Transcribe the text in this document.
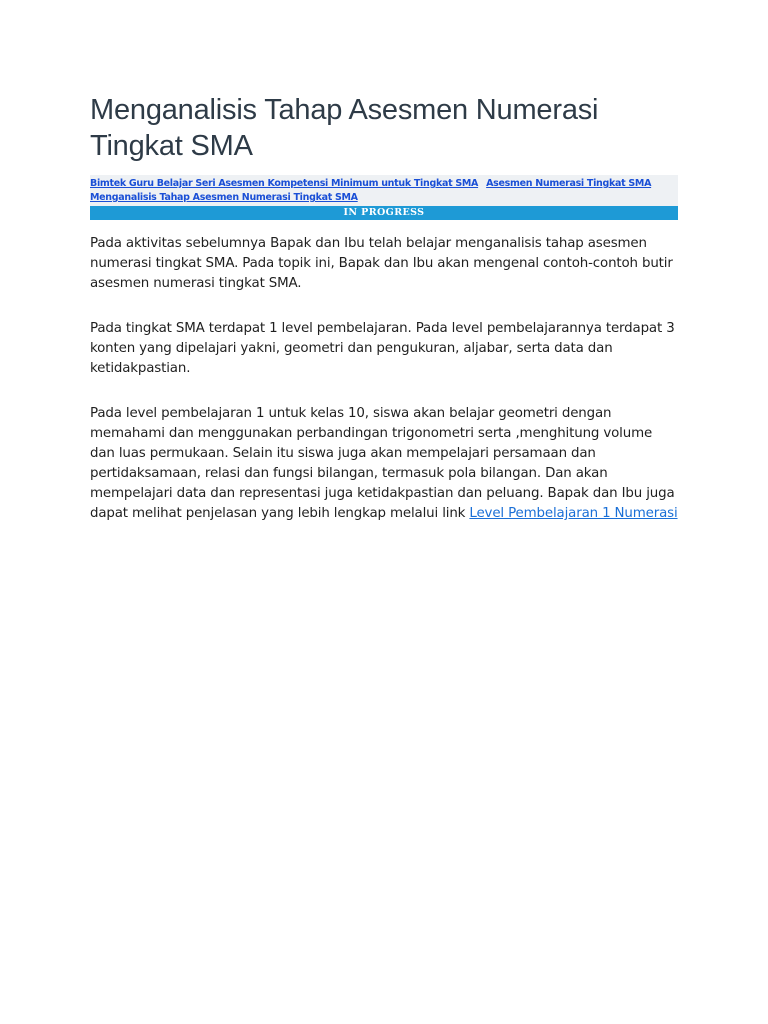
Menganalisis Tahap Asesmen Numerasi Tingkat SMA
Bimtek Guru Belajar Seri Asesmen Kompetensi Minimum untuk Tingkat SMA Asesmen Numerasi Tingkat SMA Menganalisis Tahap Asesmen Numerasi Tingkat SMA
IN PROGRESS

Pada aktivitas sebelumnya Bapak dan Ibu telah belajar menganalisis tahap asesmen numerasi tingkat SMA. Pada topik ini, Bapak dan Ibu akan mengenal contoh-contoh butir asesmen numerasi tingkat SMA.

Pada tingkat SMA terdapat 1 level pembelajaran. Pada level pembelajarannya terdapat 3 konten yang dipelajari yakni, geometri dan pengukuran, aljabar, serta data dan ketidakpastian.

Pada level pembelajaran 1 untuk kelas 10, siswa akan belajar geometri dengan memahami dan menggunakan perbandingan trigonometri serta ,menghitung volume dan luas permukaan. Selain itu siswa juga akan mempelajari persamaan dan pertidaksamaan, relasi dan fungsi bilangan, termasuk pola bilangan. Dan akan mempelajari data dan representasi juga ketidakpastian dan peluang. Bapak dan Ibu juga dapat melihat penjelasan yang lebih lengkap melalui link Level Pembelajaran 1 Numerasi
